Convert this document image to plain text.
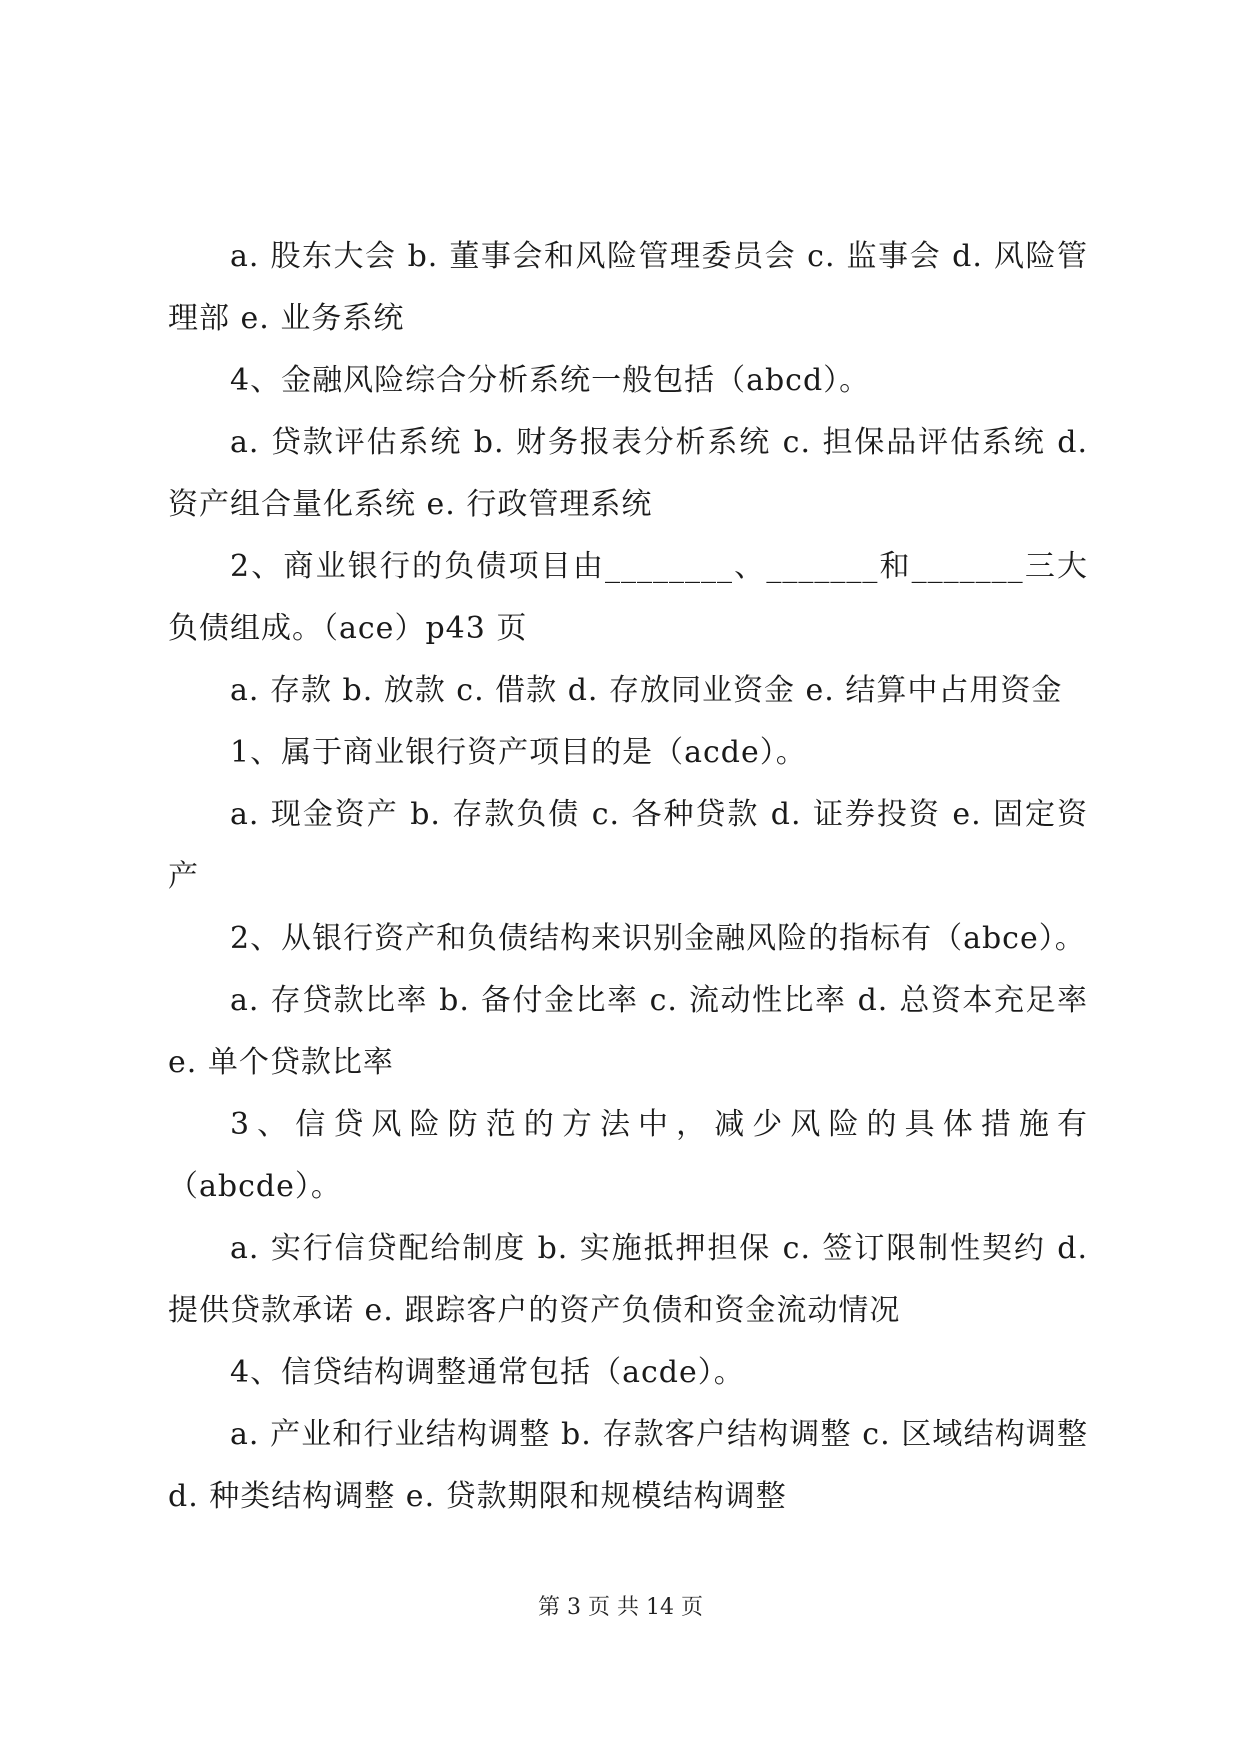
a. 股东大会 b. 董事会和风险管理委员会 c. 监事会 d. 风险管理部 e. 业务系统

4、金融风险综合分析系统一般包括（abcd）。

a. 贷款评估系统 b. 财务报表分析系统 c. 担保品评估系统 d. 资产组合量化系统 e. 行政管理系统

2、商业银行的负债项目由________、_______和_______三大负债组成。（ace）p43 页

a. 存款 b. 放款 c. 借款 d. 存放同业资金 e. 结算中占用资金

1、属于商业银行资产项目的是（acde）。

a. 现金资产 b. 存款负债 c. 各种贷款 d. 证券投资 e. 固定资产

2、从银行资产和负债结构来识别金融风险的指标有（abce）。

a. 存贷款比率 b. 备付金比率 c. 流动性比率 d. 总资本充足率 e. 单个贷款比率

3、信贷风险防范的方法中，减少风险的具体措施有（abcde）。

a. 实行信贷配给制度 b. 实施抵押担保 c. 签订限制性契约 d. 提供贷款承诺 e. 跟踪客户的资产负债和资金流动情况

4、信贷结构调整通常包括（acde）。

a. 产业和行业结构调整 b. 存款客户结构调整 c. 区域结构调整 d. 种类结构调整 e. 贷款期限和规模结构调整

第 3 页 共 14 页
